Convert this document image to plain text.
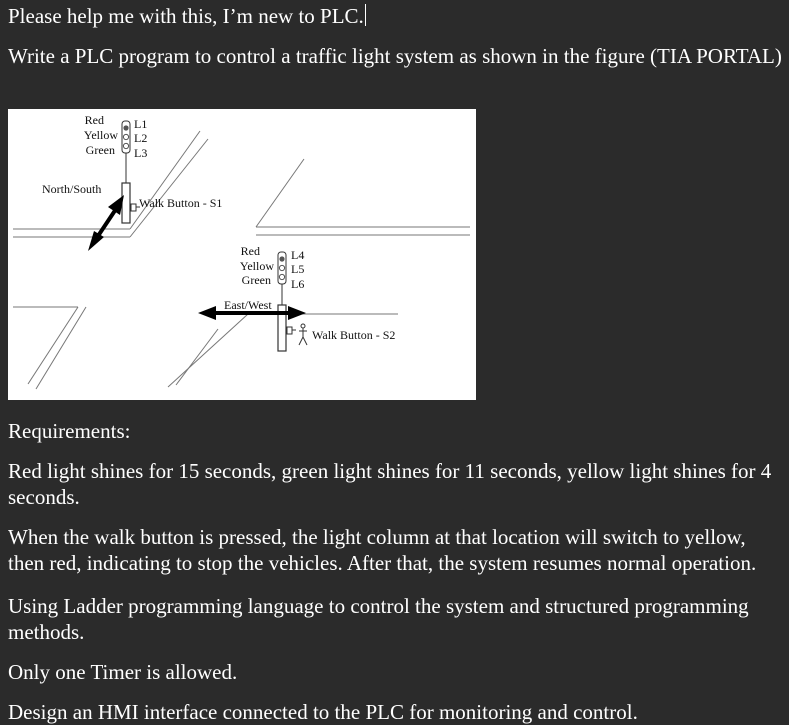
Please help me with this, I’m new to PLC.
Write a PLC program to control a traffic light system as shown in the figure (TIA PORTAL)
Red
Yellow
Green
L1
L2
L3
North/South
Walk Button - S1
Red
Yellow
Green
L4
L5
L6
East/West
Walk Button - S2
Requirements:
Red light shines for 15 seconds, green light shines for 11 seconds, yellow light shines for 4 seconds.
When the walk button is pressed, the light column at that location will switch to yellow, then red, indicating to stop the vehicles. After that, the system resumes normal operation.
Using Ladder programming language to control the system and structured programming methods.
Only one Timer is allowed.
Design an HMI interface connected to the PLC for monitoring and control.
